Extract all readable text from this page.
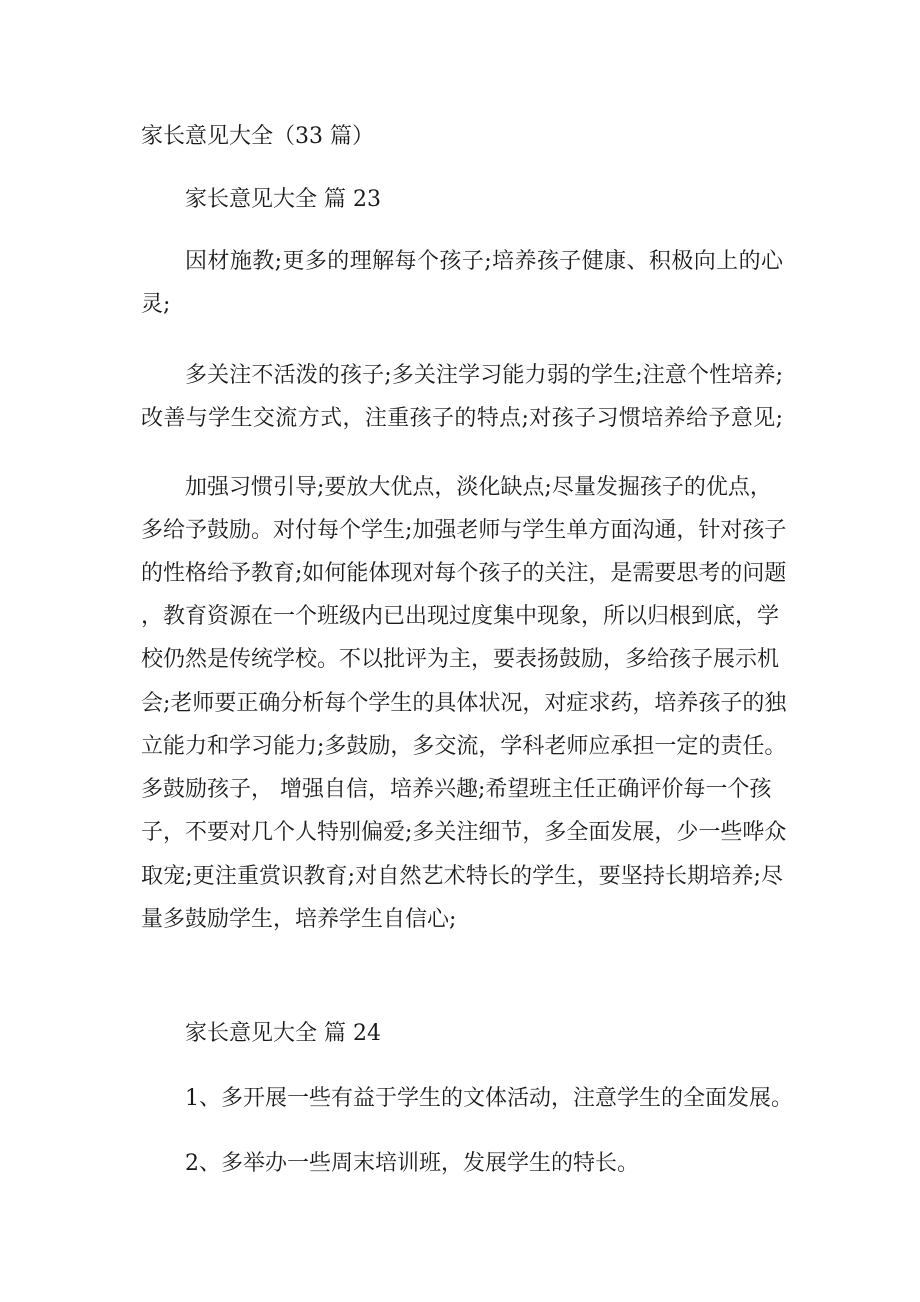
家长意见大全（33 篇）
家长意见大全 篇 23
因材施教;更多的理解每个孩子;培养孩子健康、积极向上的心
灵;
多关注不活泼的孩子;多关注学习能力弱的学生;注意个性培养;
改善与学生交流方式，注重孩子的特点;对孩子习惯培养给予意见;
加强习惯引导;要放大优点，淡化缺点;尽量发掘孩子的优点，
多给予鼓励。对付每个学生;加强老师与学生单方面沟通，针对孩子
的性格给予教育;如何能体现对每个孩子的关注，是需要思考的问题
，教育资源在一个班级内已出现过度集中现象，所以归根到底，学
校仍然是传统学校。不以批评为主，要表扬鼓励，多给孩子展示机
会;老师要正确分析每个学生的具体状况，对症求药，培养孩子的独
立能力和学习能力;多鼓励，多交流，学科老师应承担一定的责任。
多鼓励孩子， 增强自信，培养兴趣;希望班主任正确评价每一个孩
子，不要对几个人特别偏爱;多关注细节，多全面发展，少一些哗众
取宠;更注重赏识教育;对自然艺术特长的学生，要坚持长期培养;尽
量多鼓励学生，培养学生自信心;
家长意见大全 篇 24
1、多开展一些有益于学生的文体活动，注意学生的全面发展。
2、多举办一些周末培训班，发展学生的特长。
